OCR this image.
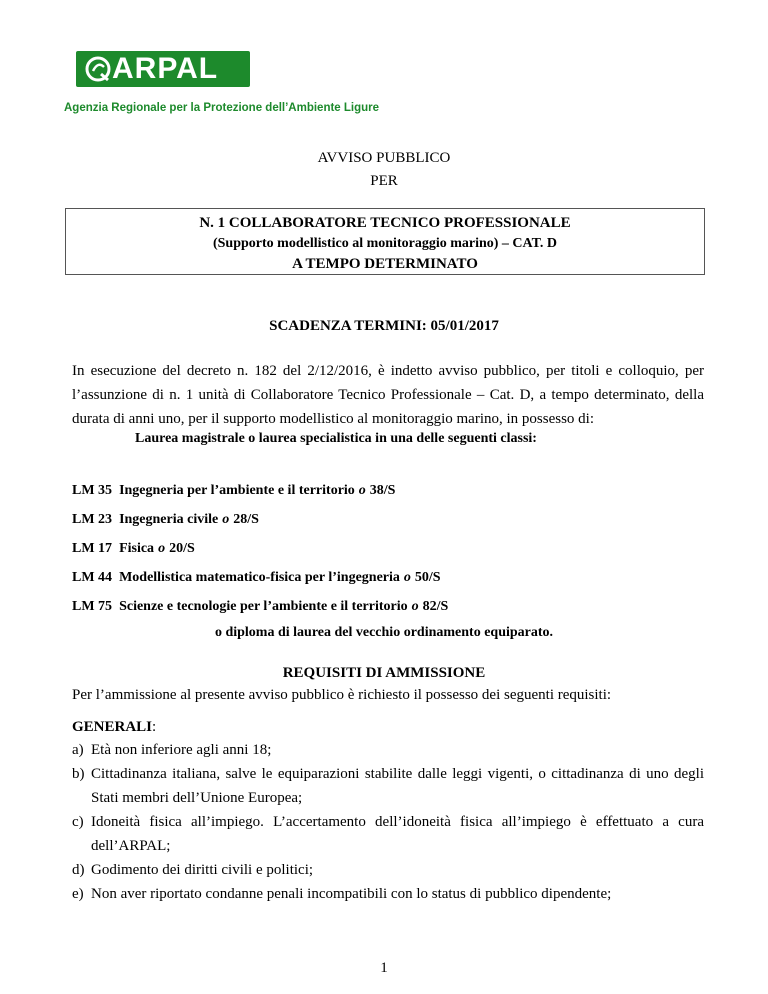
ARPAL
Agenzia Regionale per la Protezione dell’Ambiente Ligure
AVVISO PUBBLICO
PER
N. 1 COLLABORATORE TECNICO PROFESSIONALE
(Supporto modellistico al monitoraggio marino) – CAT. D
A TEMPO DETERMINATO
SCADENZA TERMINI: 05/01/2017

In esecuzione del decreto n. 182 del 2/12/2016, è indetto avviso pubblico, per titoli e colloquio, per l’assunzione di n. 1 unità di Collaboratore Tecnico Professionale – Cat. D, a tempo determinato, della durata di anni uno, per il supporto modellistico al monitoraggio marino, in possesso di:

Laurea magistrale o laurea specialistica in una delle seguenti classi:
LM 35 Ingegneria per l’ambiente e il territorio o 38/S
LM 23 Ingegneria civile o 28/S
LM 17 Fisica o 20/S
LM 44 Modellistica matematico-fisica per l’ingegneria o 50/S
LM 75 Scienze e tecnologie per l’ambiente e il territorio o 82/S
o diploma di laurea del vecchio ordinamento equiparato.
REQUISITI DI AMMISSIONE
Per l’ammissione al presente avviso pubblico è richiesto il possesso dei seguenti requisiti:
GENERALI:
a) Età non inferiore agli anni 18;
b) Cittadinanza italiana, salve le equiparazioni stabilite dalle leggi vigenti, o cittadinanza di uno degli Stati membri dell’Unione Europea;
c) Idoneità fisica all’impiego. L’accertamento dell’idoneità fisica all’impiego è effettuato a cura dell’ARPAL;
d) Godimento dei diritti civili e politici;
e) Non aver riportato condanne penali incompatibili con lo status di pubblico dipendente;
1
